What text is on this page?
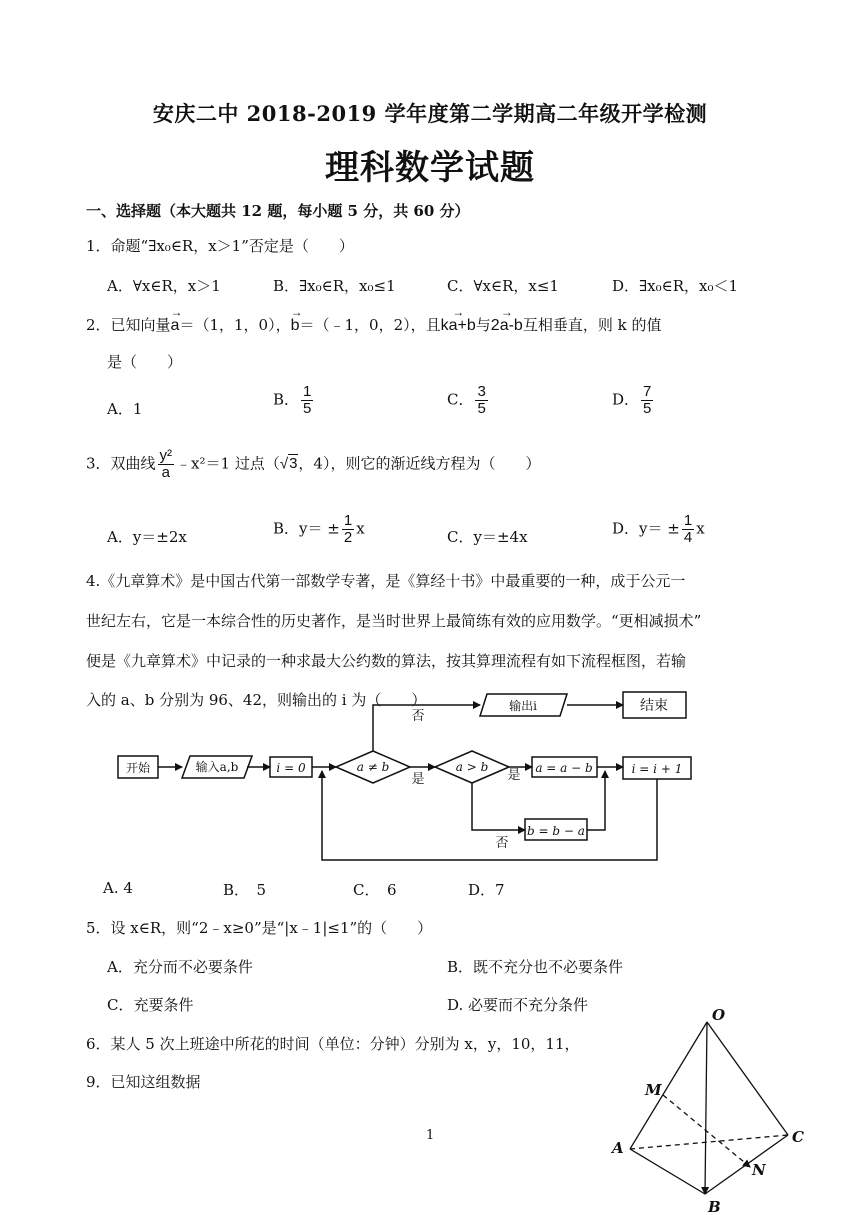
安庆二中 2018-2019 学年度第二学期高二年级开学检测
理科数学试题
一、选择题（本大题共 12 题，每小题 5 分，共 60 分）
1．命题“∃x₀∈R，x＞1”否定是（　　）
A．∀x∈R，x＞1	B．∃x₀∈R，x₀≤1	C．∀x∈R，x≤1	D．∃x₀∈R，x₀＜1
2．已知向量→ a＝（1，1，0），→ b＝（﹣1，0，2），且→ ka+b与→ 2a-b互相垂直，则 k 的值
是（　　）
A．1
B． $\frac{1}{5}$	C． $\frac{3}{5}$	D． $\frac{7}{5}$
3．双曲线 $\frac{\text{y²}}{a}$ ﹣x²＝1 过点（√3，4），则它的渐近线方程为（　　）
A．y＝±2x	B．$y= \pm \frac{1}{2}$ x	C．y＝±4x	D．$y= \pm \frac{1}{4}$ x
4.《九章算术》是中国古代第一部数学专著，是《算经十书》中最重要的一种，成于公元一
世纪左右，它是一本综合性的历史著作，是当时世界上最简练有效的应用数学。“更相减损术”
便是《九章算术》中记录的一种求最大公约数的算法，按其算理流程有如下流程框图，若输
入的 a、b 分别为 96、42，则输出的 i 为（　　）
开始	输入a,b	i = 0	a ≠ b	a > b	a = a − b	i = i + 1
b = b − a
输出i	结束
是	是
否
否
O
M
A
B
C
N
A. 4	B．　5	C．　6	D．7
5．设 x∈R，则“2﹣x≥0”是“|x﹣1|≤1”的（　　）
A．充分而不必要条件	B．既不充分也不必要条件
C．充要条件	D. 必要而不充分条件
6．某人 5 次上班途中所花的时间（单位：分钟）分别为 x，y，10，11，
9．已知这组数据
1
